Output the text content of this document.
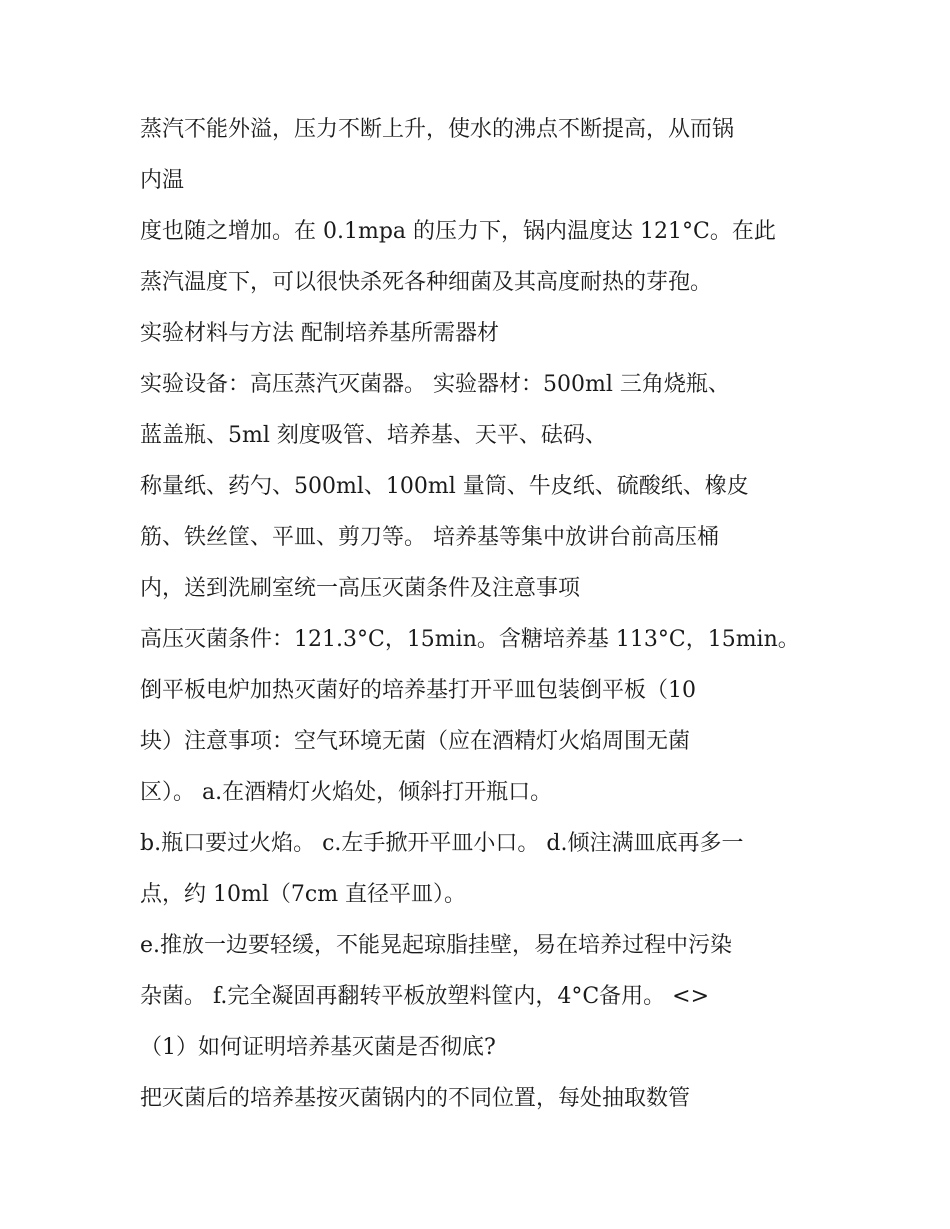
蒸汽不能外溢，压力不断上升，使水的沸点不断提高，从而锅

内温

度也随之增加。在 0.1mpa 的压力下，锅内温度达 121°C。在此

蒸汽温度下，可以很快杀死各种细菌及其高度耐热的芽孢。

实验材料与方法 配制培养基所需器材

实验设备：高压蒸汽灭菌器。 实验器材：500ml 三角烧瓶、

蓝盖瓶、5ml 刻度吸管、培养基、天平、砝码、

称量纸、药勺、500ml、100ml 量筒、牛皮纸、硫酸纸、橡皮

筋、铁丝筐、平皿、剪刀等。 培养基等集中放讲台前高压桶

内，送到洗刷室统一高压灭菌条件及注意事项

高压灭菌条件：121.3°C，15min。含糖培养基 113°C，15min。

倒平板电炉加热灭菌好的培养基打开平皿包装倒平板（10

块）注意事项：空气环境无菌（应在酒精灯火焰周围无菌

区）。 a.在酒精灯火焰处，倾斜打开瓶口。

b.瓶口要过火焰。 c.左手掀开平皿小口。 d.倾注满皿底再多一

点，约 10ml（7cm 直径平皿）。

e.推放一边要轻缓，不能晃起琼脂挂壁，易在培养过程中污染

杂菌。 f.完全凝固再翻转平板放塑料筐内，4°C备用。 <>

（1）如何证明培养基灭菌是否彻底?

把灭菌后的培养基按灭菌锅内的不同位置，每处抽取数管
